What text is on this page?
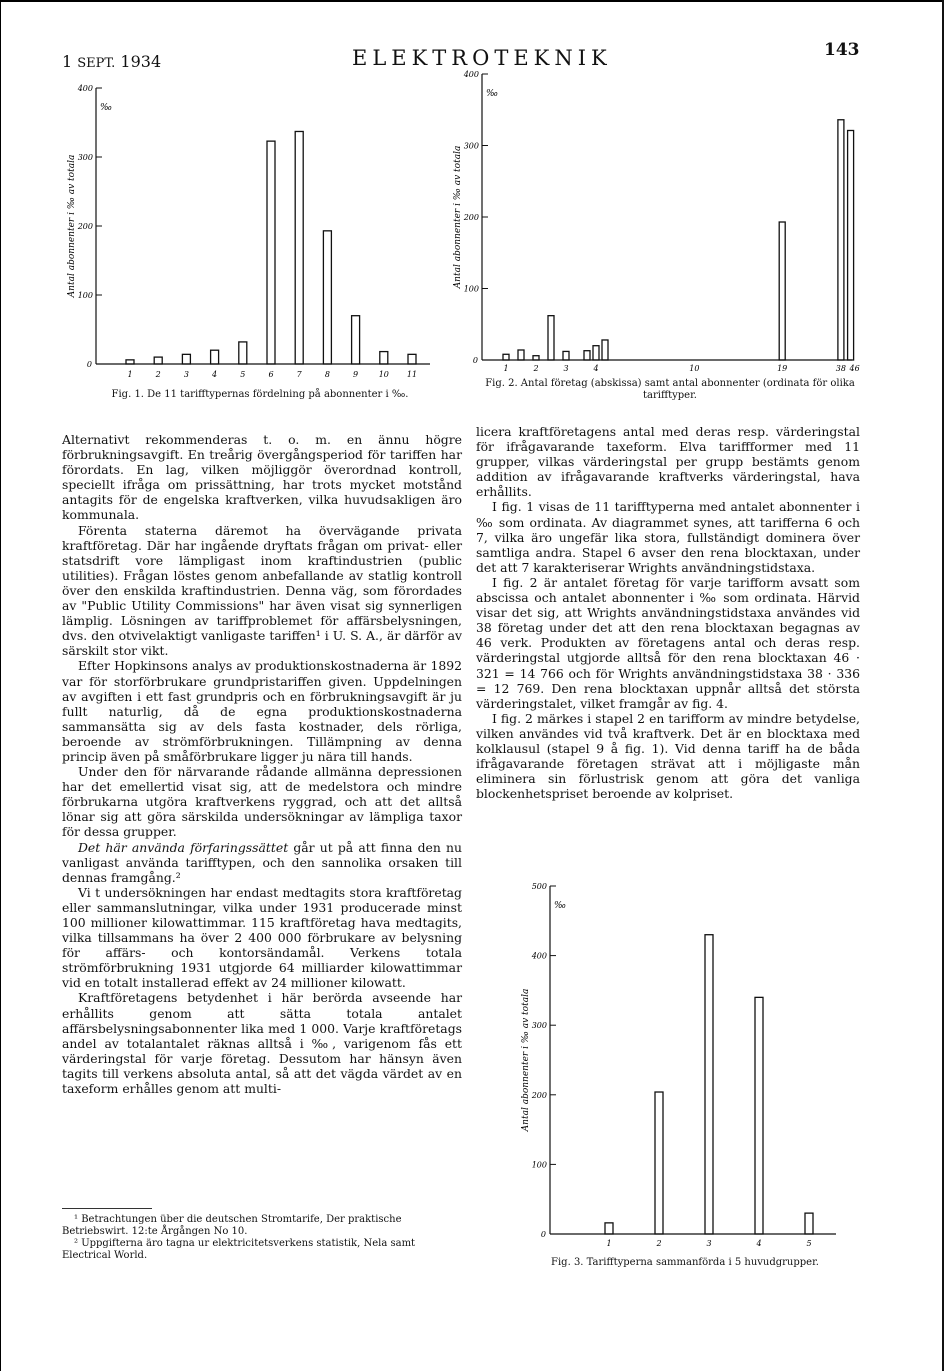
1 SEPT. 1934	ELEKTROTEKNIK	143
100
200
300
400
0
‰
Antal abonnenter i ‰ av totala
1	2	3	4	5	6	7	8	9	10 11
Fig. 1. De 11 tarifftypernas fördelning på abonnenter i ‰.
100
200
300
400
0
‰
Antal abonnenter i ‰ av totala
1	2	3	4	10	19	38 46
Fig. 2. Antal företag (abskissa) samt antal abonnenter (ordinata för olika tarifftyper.
100
200
300
400
500
0
‰
Antal abonnenter i ‰ av totala
1	2	3	4	5
Fig. 3. Tarifftyperna sammanförda i 5 huvudgrupper.

Alternativt rekommenderas t. o. m. en ännu högre förbrukningsavgift. En treårig övergångsperiod för tariffen har förordats. En lag, vilken möjliggör överordnad kontroll, speciellt ifråga om prissättning, har trots mycket motstånd antagits för de engelska kraftverken, vilka huvudsakligen äro kommunala.

Förenta staterna däremot ha övervägande privata kraftföretag. Där har ingående dryftats frågan om privat- eller statsdrift vore lämpligast inom kraftindustrien (public utilities). Frågan löstes genom anbefallande av statlig kontroll över den enskilda kraftindustrien. Denna väg, som förordades av "Public Utility Commissions" har även visat sig synnerligen lämplig. Lösningen av tariffproblemet för affärsbelysningen, dvs. den otvivelaktigt vanligaste tariffen¹ i U. S. A., är därför av särskilt stor vikt.

Efter Hopkinsons analys av produktionskostnaderna är 1892 var för storförbrukare grundpristariffen given. Uppdelningen av avgiften i ett fast grundpris och en förbrukningsavgift är ju fullt naturlig, då de egna produktionskostnaderna sammansätta sig av dels fasta kostnader, dels rörliga, beroende av strömförbrukningen. Tillämpning av denna princip även på småförbrukare ligger ju nära till hands.

Under den för närvarande rådande allmänna depressionen har det emellertid visat sig, att de medelstora och mindre förbrukarna utgöra kraftverkens ryggrad, och att det alltså lönar sig att göra särskilda undersökningar av lämpliga taxor för dessa grupper.

Det här använda förfaringssättet går ut på att finna den nu vanligast använda tarifftypen, och den sannolika orsaken till dennas framgång.²

Vi t undersökningen har endast medtagits stora kraftföretag eller sammanslutningar, vilka under 1931 producerade minst 100 millioner kilowattimmar. 115 kraftföretag hava medtagits, vilka tillsammans ha över 2 400 000 förbrukare av belysning för affärs- och kontorsändamål. Verkens totala strömförbrukning 1931 utgjorde 64 milliarder kilowattimmar vid en totalt installerad effekt av 24 millioner kilowatt.

Kraftföretagens betydenhet i här berörda avseende har erhållits genom att sätta totala antalet affärsbelysningsabonnenter lika med 1 000. Varje kraftföretags andel av totalantalet räknas alltså i ‰, varigenom fås ett värderingstal för varje företag. Dessutom har hänsyn även tagits till verkens absoluta antal, så att det vägda värdet av en taxeform erhålles genom att multi-

¹ Betrachtungen über die deutschen Stromtarife, Der praktische Betriebswirt. 12:te Årgången No 10.

² Uppgifterna äro tagna ur elektricitetsverkens statistik, Nela samt Electrical World.

licera kraftföretagens antal med deras resp. värderingstal för ifrågavarande taxeform. Elva tariffformer med 11 grupper, vilkas värderingstal per grupp bestämts genom addition av ifrågavarande kraftverks värderingstal, hava erhållits.

I fig. 1 visas de 11 tarifftyperna med antalet abonnenter i ‰ som ordinata. Av diagrammet synes, att tarifferna 6 och 7, vilka äro ungefär lika stora, fullständigt dominera över samtliga andra. Stapel 6 avser den rena blocktaxan, under det att 7 karakteriserar Wrights användningstidstaxa.

I fig. 2 är antalet företag för varje tarifform avsatt som abscissa och antalet abonnenter i ‰ som ordinata. Härvid visar det sig, att Wrights användningstidstaxa användes vid 38 företag under det att den rena blocktaxan begagnas av 46 verk. Produkten av företagens antal och deras resp. värderingstal utgjorde alltså för den rena blocktaxan 46 · 321 = 14 766 och för Wrights användningstidstaxa 38 · 336 = 12 769. Den rena blocktaxan uppnår alltså det största värderingstalet, vilket framgår av fig. 4.

I fig. 2 märkes i stapel 2 en tarifform av mindre betydelse, vilken användes vid två kraftverk. Det är en blocktaxa med kolklausul (stapel 9 å fig. 1). Vid denna tariff ha de båda ifrågavarande företagen strävat att i möjligaste mån eliminera sin förlustrisk genom att göra det vanliga blockenhetspriset beroende av kolpriset.
